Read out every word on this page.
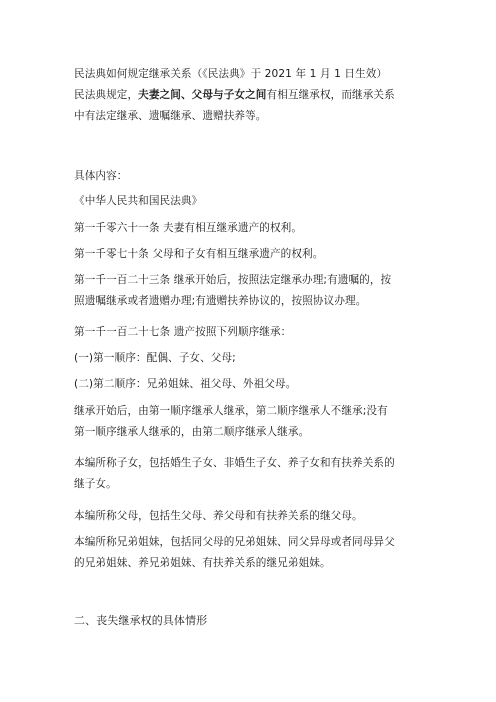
民法典如何规定继承关系（《民法典》于 2021 年 1 月 1 日生效）
民法典规定，夫妻之间、父母与子女之间有相互继承权，而继承关系
中有法定继承、遗嘱继承、遗赠扶养等。
具体内容：
《中华人民共和国民法典》
第一千零六十一条 夫妻有相互继承遗产的权利。
第一千零七十条 父母和子女有相互继承遗产的权利。
第一千一百二十三条 继承开始后，按照法定继承办理;有遗嘱的，按
照遗嘱继承或者遗赠办理;有遗赠扶养协议的，按照协议办理。
第一千一百二十七条 遗产按照下列顺序继承：
(一)第一顺序：配偶、子女、父母;
(二)第二顺序：兄弟姐妹、祖父母、外祖父母。
继承开始后，由第一顺序继承人继承，第二顺序继承人不继承;没有
第一顺序继承人继承的，由第二顺序继承人继承。
本编所称子女，包括婚生子女、非婚生子女、养子女和有扶养关系的
继子女。
本编所称父母，包括生父母、养父母和有扶养关系的继父母。
本编所称兄弟姐妹，包括同父母的兄弟姐妹、同父异母或者同母异父
的兄弟姐妹、养兄弟姐妹、有扶养关系的继兄弟姐妹。
二、丧失继承权的具体情形
